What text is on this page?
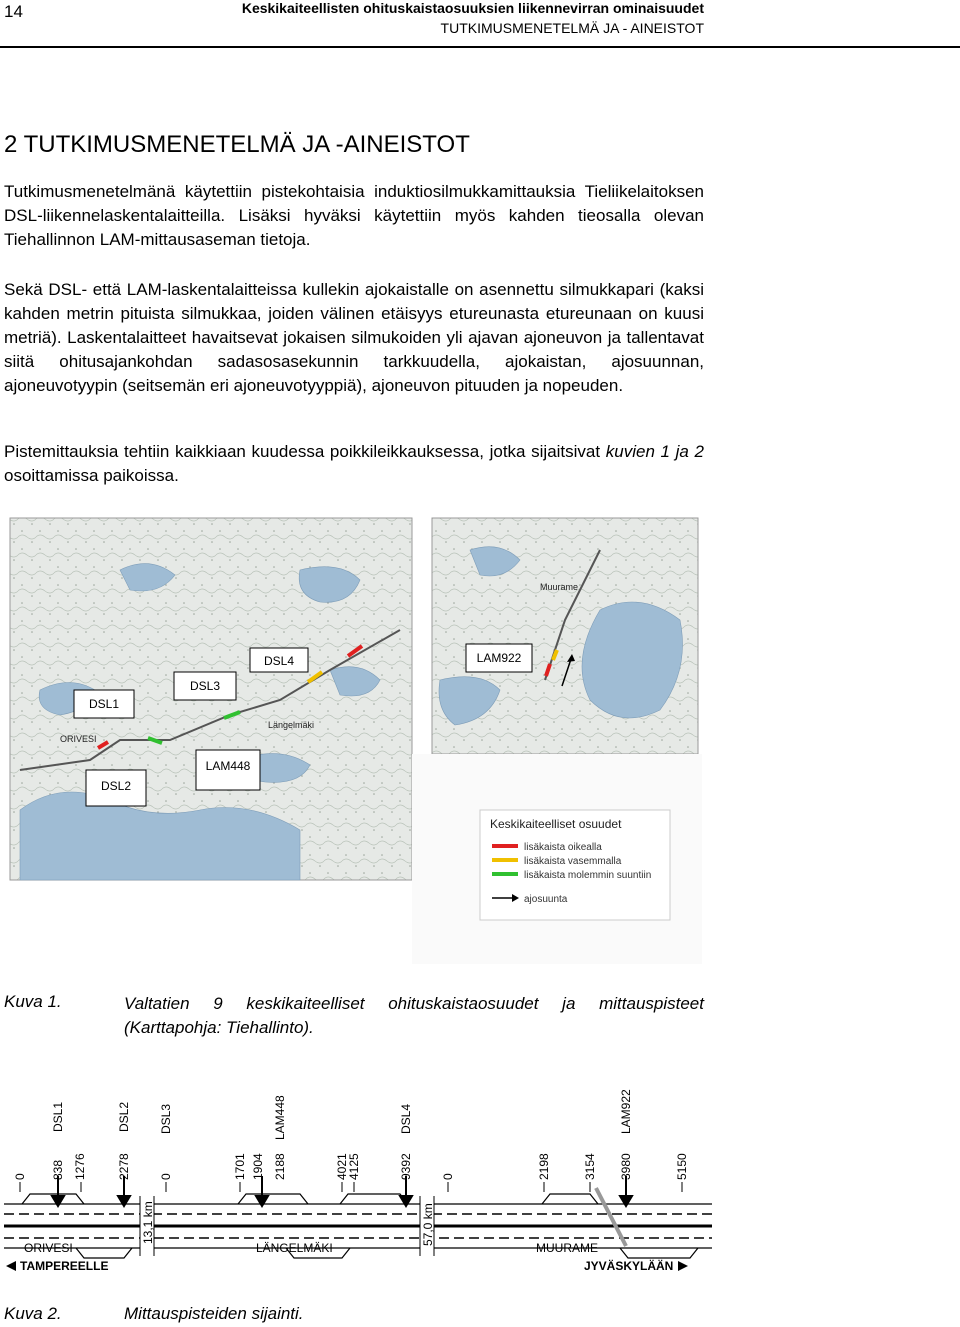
14	Keskikaiteellisten ohituskaistaosuuksien liikennevirran ominaisuudet
TUTKIMUSMENETELMÄ JA - AINEISTOT
2 TUTKIMUSMENETELMÄ JA -AINEISTOT
Tutkimusmenetelmänä käytettiin pistekohtaisia induktiosilmukkamittauksia Tieliikelaitoksen DSL-liikennelaskentalaitteilla. Lisäksi hyväksi käytettiin myös kahden tieosalla olevan Tiehallinnon LAM-mittausaseman tietoja.
Sekä DSL- että LAM-laskentalaitteissa kullekin ajokaistalle on asennettu silmukkapari (kaksi kahden metrin pituista silmukkaa, joiden välinen etäisyys etureunasta etureunaan on kuusi metriä). Laskentalaitteet havaitsevat jokaisen silmukoiden yli ajavan ajoneuvon ja tallentavat siitä ohitusajankohdan sadasosasekunnin tarkkuudella, ajokaistan, ajosuunnan, ajoneuvotyypin (seitsemän eri ajoneuvotyyppiä), ajoneuvon pituuden ja nopeuden.
Pistemittauksia tehtiin kaikkiaan kuudessa poikkileikkauksessa, jotka sijaitsivat kuvien 1 ja 2 osoittamissa paikoissa.
ORIVESI
Längelmäki
Muurame
DSL4	LAM922
DSL3
DSL1
LAM448
DSL2
Keskikaiteelliset osuudet
lisäkaista oikealla
lisäkaista vasemmalla
lisäkaista molemmin suuntiin
ajosuunta
Kuva 1.	Valtatien 9 keskikaiteelliset ohituskaistaosuudet ja mittauspisteet (Karttapohja: Tiehallinto).
0 838
DSL1
1276	2278
DSL2
0
DSL3
1701 1904 2188
LAM448
4021
4125	9392
DSL4
0	2198	3154 3980
LAM922
5150
13,1 km	57,0 km
ORIVESI	LÄNGELMÄKI	MUURAME
TAMPEREELLE	JYVÄSKYLÄÄN
Kuva 2.	Mittauspisteiden sijainti.
